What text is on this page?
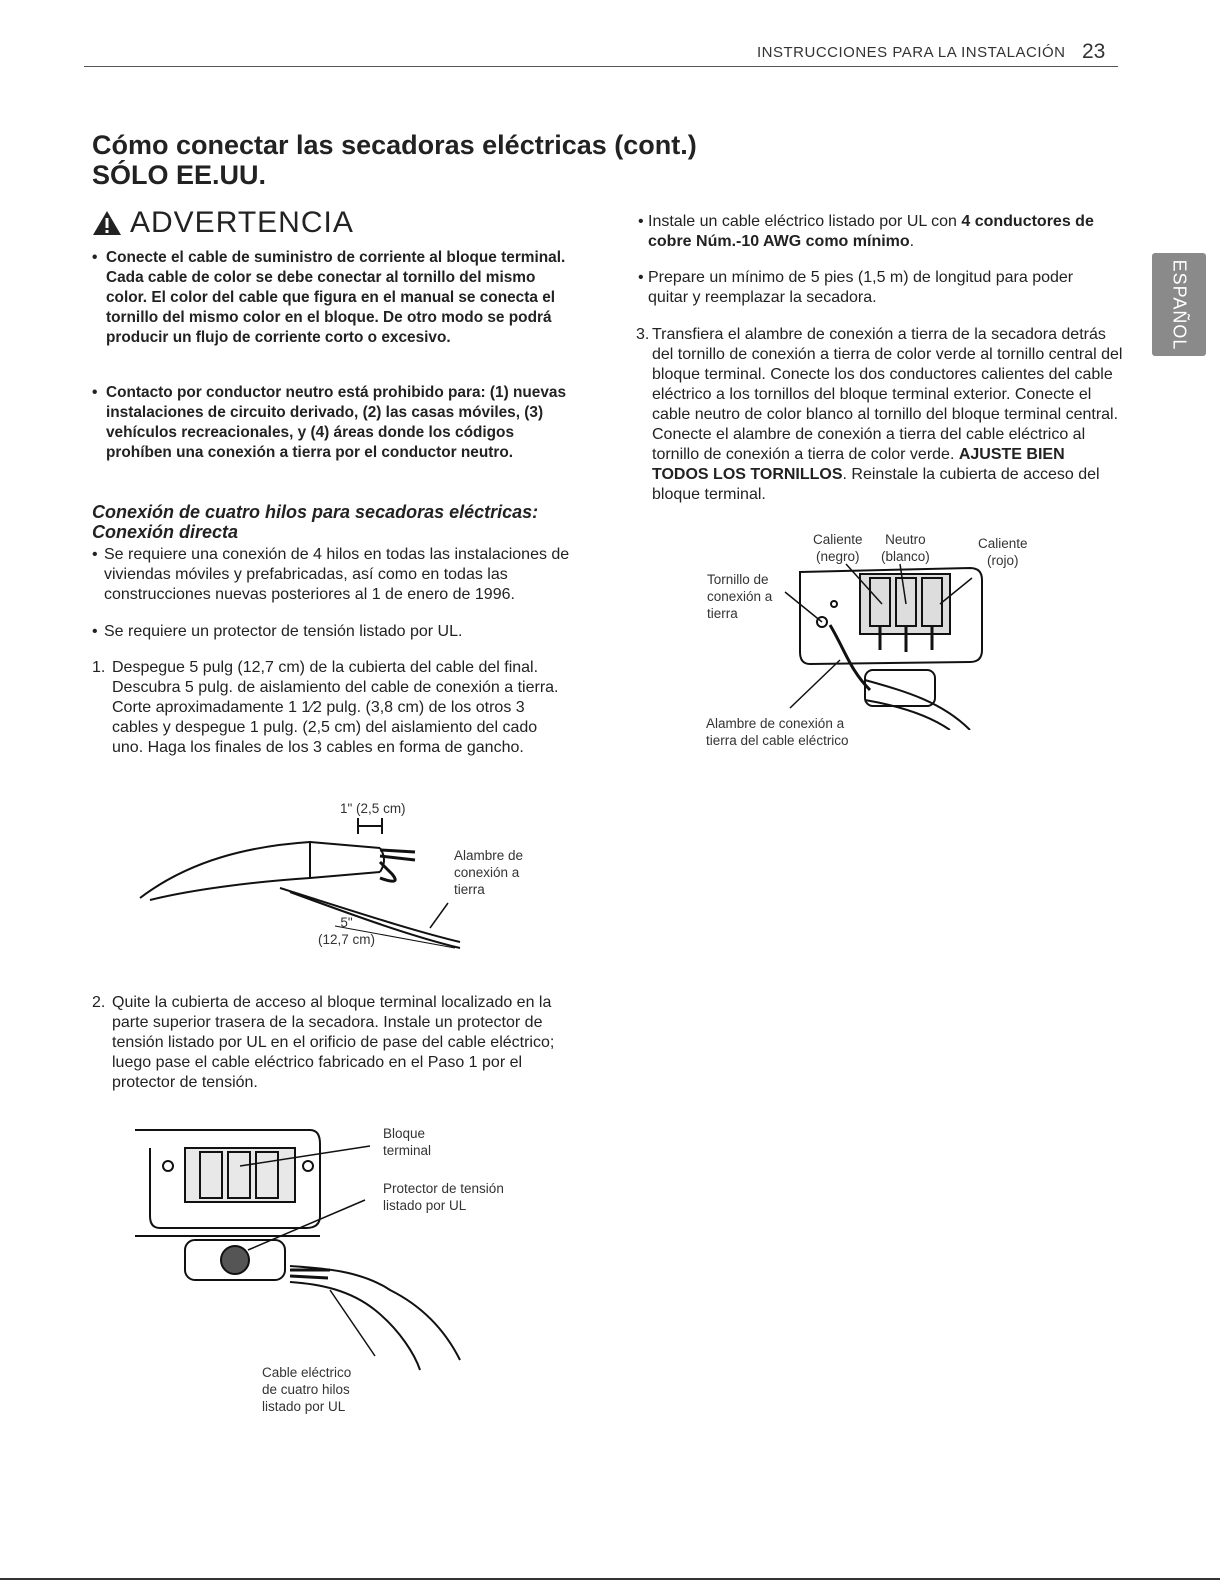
INSTRUCCIONES PARA LA INSTALACIÓN 23
ESPAÑOL
Cómo conectar las secadoras eléctricas (cont.)
SÓLO EE.UU.
ADVERTENCIA
• Conecte el cable de suministro de corriente al bloque terminal. Cada cable de color se debe conectar al tornillo del mismo color. El color del cable que figura en el manual se conecta el tornillo del mismo color en el bloque. De otro modo se podrá producir un flujo de corriente corto o excesivo.
• Contacto por conductor neutro está prohibido para: (1) nuevas instalaciones de circuito derivado, (2) las casas móviles, (3) vehículos recreacionales, y (4) áreas donde los códigos prohíben una conexión a tierra por el conductor neutro.
Conexión de cuatro hilos para secadoras eléctricas:
Conexión directa
• Se requiere una conexión de 4 hilos en todas las instalaciones de viviendas móviles y prefabricadas, así como en todas las construcciones nuevas posteriores al 1 de enero de 1996.
• Se requiere un protector de tensión listado por UL.
1. Despegue 5 pulg (12,7 cm) de la cubierta del cable del final. Descubra 5 pulg. de aislamiento del cable de conexión a tierra. Corte aproximadamente 1 1⁄2 pulg. (3,8 cm) de los otros 3 cables y despegue 1 pulg. (2,5 cm) del aislamiento del cado uno. Haga los finales de los 3 cables en forma de gancho.
1" (2,5 cm)
Alambre de
conexión a
tierra
5"
(12,7 cm)
2. Quite la cubierta de acceso al bloque terminal localizado en la parte superior trasera de la secadora. Instale un protector de tensión listado por UL en el orificio de pase del cable eléctrico; luego pase el cable eléctrico fabricado en el Paso 1 por el protector de tensión.
Bloque
terminal
Protector de tensión
listado por UL
Cable eléctrico
de cuatro hilos
listado por UL
• Instale un cable eléctrico listado por UL con 4 conductores de cobre Núm.-10 AWG como mínimo.
• Prepare un mínimo de 5 pies (1,5 m) de longitud para poder quitar y reemplazar la secadora.
3. Transfiera el alambre de conexión a tierra de la secadora detrás del tornillo de conexión a tierra de color verde al tornillo central del bloque terminal. Conecte los dos conductores calientes del cable eléctrico a los tornillos del bloque terminal exterior. Conecte el cable neutro de color blanco al tornillo del bloque terminal central. Conecte el alambre de conexión a tierra del cable eléctrico al tornillo de conexión a tierra de color verde. AJUSTE BIEN TODOS LOS TORNILLOS. Reinstale la cubierta de acceso del bloque terminal.
Caliente
(negro)
Neutro
(blanco)
Caliente
(rojo)
Tornillo de
conexión a
tierra
Alambre de conexión a
tierra del cable eléctrico
